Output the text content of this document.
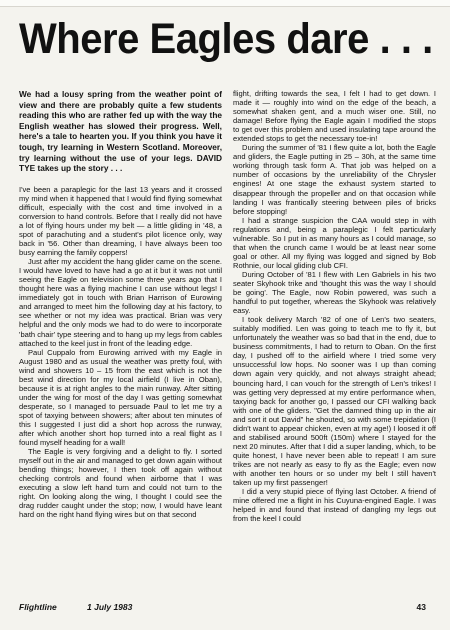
Where Eagles dare . . .

We had a lousy spring from the weather point of view and there are probably quite a few students reading this who are rather fed up with the way the English weather has slowed their progress. Well, here's a tale to hearten you. If you think you have it tough, try learning in Western Scotland. Moreover, try learning without the use of your legs. DAVID TYE takes up the story . . .

I've been a paraplegic for the last 13 years and it crossed my mind when it happened that I would find flying somewhat difficult, especially with the cost and time involved in a conversion to hand controls. Before that I really did not have a lot of flying hours under my belt — a little gliding in '48, a spot of parachuting and a student's pilot licence only, way back in '56. Other than dreaming, I have always been too busy earning the family coppers!

Just after my accident the hang glider came on the scene. I would have loved to have had a go at it but it was not until seeing the Eagle on television some three years ago that I thought here was a flying machine I can use without legs! I immediately got in touch with Brian Harrison of Eurowing and arranged to meet him the following day at his factory, to see whether or not my idea was practical. Brian was very helpful and the only mods we had to do were to incorporate 'bath chair' type steering and to hang up my legs from cables attached to the keel just in front of the leading edge.

Paul Cuppalo from Eurowing arrived with my Eagle in August 1980 and as usual the weather was pretty foul, with wind and showers 10 – 15 from the east which is not the best wind direction for my local airfield (I live in Oban), because it is at right angles to the main runway. After sitting under the wing for most of the day I was getting somewhat desperate, so I managed to persuade Paul to let me try a spot of taxying between showers; after about ten minutes of this I suggested I just did a short hop across the runway, after which another short hop turned into a real flight as I found myself heading for a wall!

The Eagle is very forgiving and a delight to fly. I sorted myself out in the air and managed to get down again without bending things; however, I then took off again without checking controls and found when airborne that I was executing a slow left hand turn and could not turn to the right. On looking along the wing, I thought I could see the drag rudder caught under the stop; now, I would have leant hard on the right hand flying wires but on that second

flight, drifting towards the sea, I felt I had to get down. I made it — roughly into wind on the edge of the beach, a somewhat shaken gent, and a much wiser one. Still, no damage! Before flying the Eagle again I modified the stops to get over this problem and used insulating tape around the extended stops to get the necessary toe-in!

During the summer of '81 I flew quite a lot, both the Eagle and gliders, the Eagle putting in 25 – 30h, at the same time working through task form A. That job was helped on a number of occasions by the unreliability of the Chrysler engines! At one stage the exhaust system started to disappear through the propeller and on that occasion while landing I was frantically steering between piles of bricks before stopping!

I had a strange suspicion the CAA would step in with regulations and, being a paraplegic I felt particularly vulnerable. So I put in as many hours as I could manage, so that when the crunch came I would be at least near some goal or other. All my flying was logged and signed by Bob Rothnie, our local gliding club CFI.

During October of '81 I flew with Len Gabriels in his two seater Skyhook trike and 'thought this was the way I should be going'. The Eagle, now Robin powered, was such a handful to put together, whereas the Skyhook was relatively easy.

I took delivery March '82 of one of Len's two seaters, suitably modified. Len was going to teach me to fly it, but unfortunately the weather was so bad that in the end, due to business commitments, I had to return to Oban. On the first day, I pushed off to the airfield where I tried some very unsuccessful low hops. No sooner was I up than coming down again very quickly, and not always straight ahead; bouncing hard, I can vouch for the strength of Len's trikes! I was getting very depressed at my entire performance when, taxying back for another go, I passed our CFI walking back with one of the gliders. "Get the damned thing up in the air and sort it out David" he shouted, so with some trepidation (I didn't want to appear chicken, even at my age!) I loosed it off and stabilised around 500ft (150m) where I stayed for the next 20 minutes. After that I did a super landing, which, to be quite honest, I have never been able to repeat! I am sure trikes are not nearly as easy to fly as the Eagle; even now with another ten hours or so under my belt I still haven't taken up my first passenger!

I did a very stupid piece of flying last October. A friend of mine offered me a flight in his Cuyuna-engined Eagle. I was helped in and found that instead of dangling my legs out from the keel I could

Flightline	1 July 1983	43
